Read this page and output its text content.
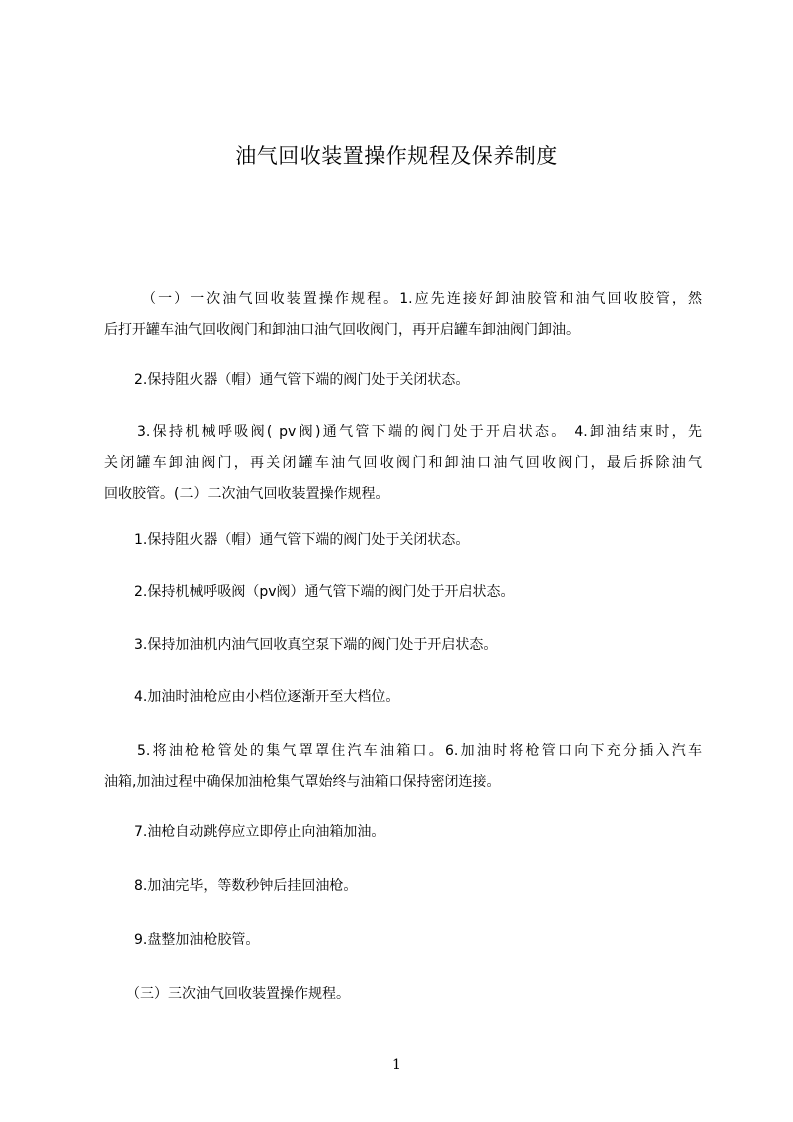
油气回收装置操作规程及保养制度
（一）一次油气回收装置操作规程。1.应先连接好卸油胶管和油气回收胶管，然
后打开罐车油气回收阀门和卸油口油气回收阀门，再开启罐车卸油阀门卸油。
2.保持阻火器（帽）通气管下端的阀门处于关闭状态。
3.保持机械呼吸阀( pv阀)通气管下端的阀门处于开启状态。 4.卸油结束时，先
关闭罐车卸油阀门，再关闭罐车油气回收阀门和卸油口油气回收阀门，最后拆除油气
回收胶管。(二）二次油气回收装置操作规程。
1.保持阻火器（帽）通气管下端的阀门处于关闭状态。
2.保持机械呼吸阀（pv阀）通气管下端的阀门处于开启状态。
3.保持加油机内油气回收真空泵下端的阀门处于开启状态。
4.加油时油枪应由小档位逐渐开至大档位。
5.将油枪枪管处的集气罩罩住汽车油箱口。6.加油时将枪管口向下充分插入汽车
油箱,加油过程中确保加油枪集气罩始终与油箱口保持密闭连接。
7.油枪自动跳停应立即停止向油箱加油。
8.加油完毕，等数秒钟后挂回油枪。
9.盘整加油枪胶管。
（三）三次油气回收装置操作规程。
1
